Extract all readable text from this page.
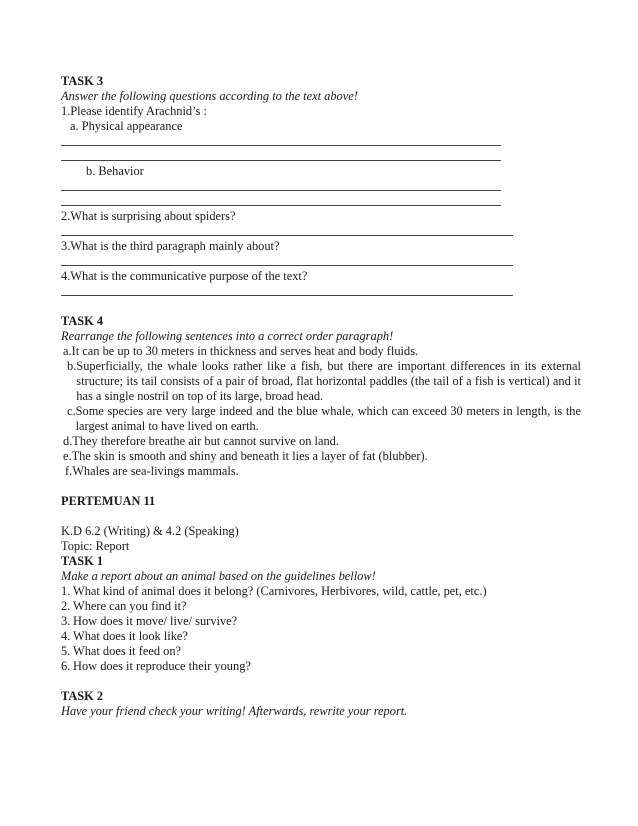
TASK 3
Answer the following questions according to the text above!
1.Please identify Arachnid’s :
a. Physical appearance
b. Behavior
2.What is surprising about spiders?
3.What is the third paragraph mainly about?
4.What is the communicative purpose of the text?
TASK 4
Rearrange the following sentences into a correct order paragraph!
a. It can be up to 30 meters in thickness and serves heat and body fluids.
b. Superficially, the whale looks rather like a fish, but there are important differences in its external structure; its tail consists of a pair of broad, flat horizontal paddles (the tail of a fish is vertical) and it has a single nostril on top of its large, broad head.
c. Some species are very large indeed and the blue whale, which can exceed 30 meters in length, is the largest animal to have lived on earth.
d. They therefore breathe air but cannot survive on land.
e. The skin is smooth and shiny and beneath it lies a layer of fat (blubber).
f. Whales are sea-livings mammals.
PERTEMUAN 11
K.D 6.2 (Writing) & 4.2 (Speaking)
Topic: Report
TASK 1
Make a report about an animal based on the guidelines bellow!
1. What kind of animal does it belong? (Carnivores, Herbivores, wild, cattle, pet, etc.)
2. Where can you find it?
3. How does it move/ live/ survive?
4. What does it look like?
5. What does it feed on?
6. How does it reproduce their young?
TASK 2
Have your friend check your writing! Afterwards, rewrite your report.
